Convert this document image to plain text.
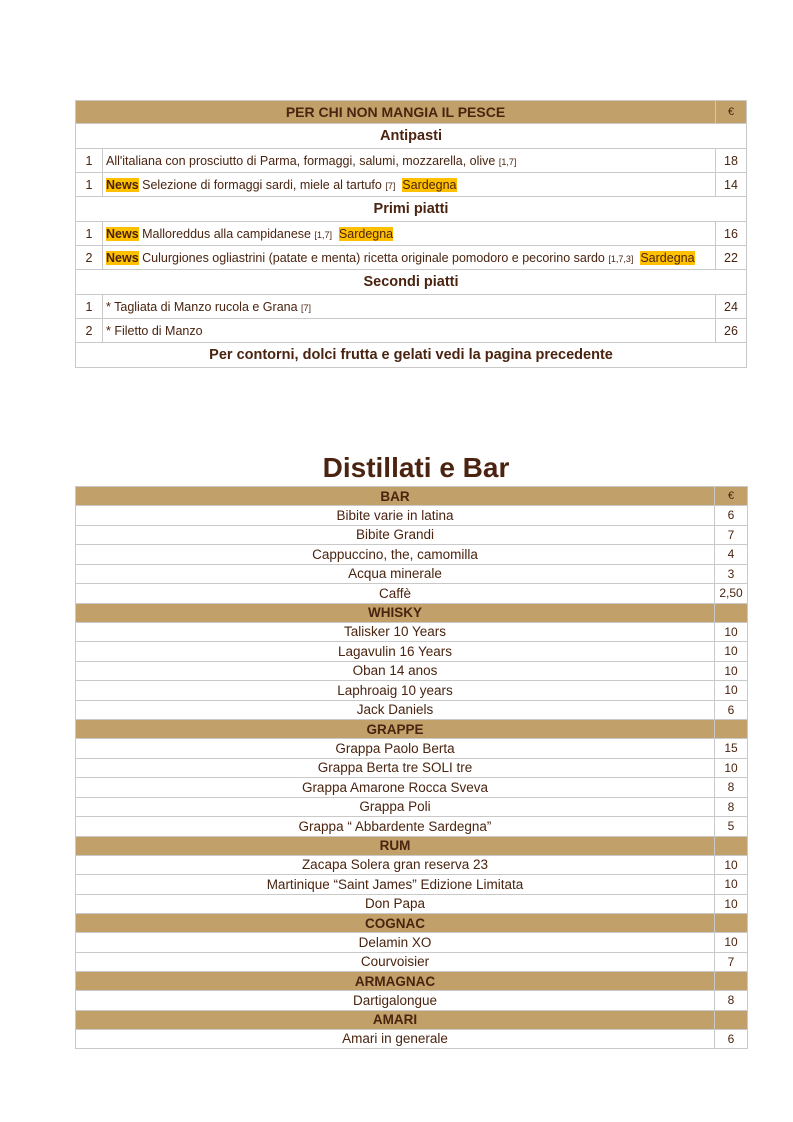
PER CHI NON MANGIA IL PESCE		€
Antipasti		
1	All'italiana con prosciutto di Parma, formaggi, salumi, mozzarella, olive [1,7]	18
1	News Selezione di formaggi sardi, miele al tartufo [7] Sardegna	14
Primi piatti		
1	News Malloreddus alla campidanese [1,7] Sardegna	16
2	News Culurgiones ogliastrini (patate e menta) ricetta originale pomodoro e pecorino sardo [1,7,3] Sardegna	22
Secondi piatti		
1	* Tagliata di Manzo rucola e Grana [7]	24
2	* Filetto di Manzo	26
Per contorni, dolci frutta e gelati vedi la pagina precedente		
Distillati e Bar
BAR	€
Bibite varie in latina	6
Bibite Grandi	7
Cappuccino, the, camomilla	4
Acqua minerale	3
Caffè	2,50
WHISKY	
Talisker 10 Years	10
Lagavulin 16 Years	10
Oban 14 anos	10
Laphroaig 10 years	10
Jack Daniels	6
GRAPPE	
Grappa Paolo Berta	15
Grappa Berta tre SOLI tre	10
Grappa Amarone Rocca Sveva	8
Grappa Poli	8
Grappa “ Abbardente Sardegna”	5
RUM	
Zacapa Solera gran reserva 23	10
Martinique “Saint James” Edizione Limitata	10
Don Papa	10
COGNAC	
Delamin XO	10
Courvoisier	7
ARMAGNAC	
Dartigalongue	8
AMARI	
Amari in generale	6
